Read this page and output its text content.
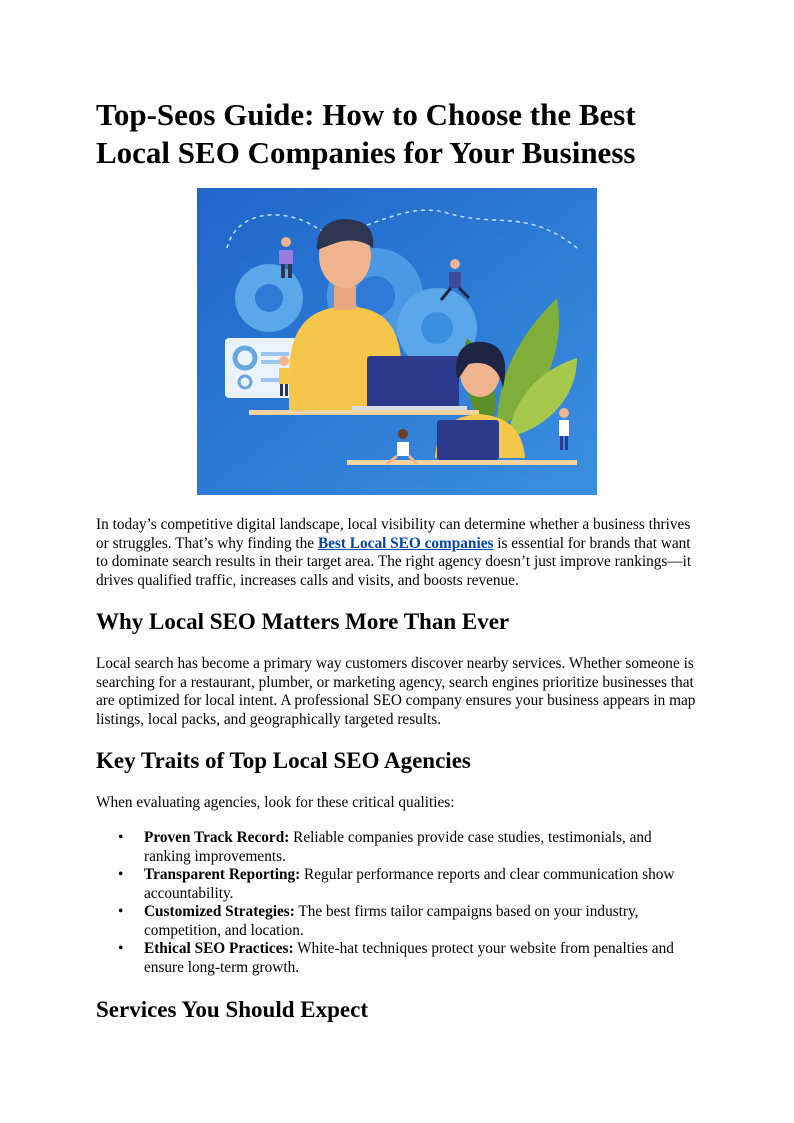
Top-Seos Guide: How to Choose the Best Local SEO Companies for Your Business

In today’s competitive digital landscape, local visibility can determine whether a business thrives or struggles. That’s why finding the Best Local SEO companies is essential for brands that want to dominate search results in their target area. The right agency doesn’t just improve rankings—it drives qualified traffic, increases calls and visits, and boosts revenue.

Why Local SEO Matters More Than Ever

Local search has become a primary way customers discover nearby services. Whether someone is searching for a restaurant, plumber, or marketing agency, search engines prioritize businesses that are optimized for local intent. A professional SEO company ensures your business appears in map listings, local packs, and geographically targeted results.

Key Traits of Top Local SEO Agencies

When evaluating agencies, look for these critical qualities:

• Proven Track Record: Reliable companies provide case studies, testimonials, and ranking improvements.
• Transparent Reporting: Regular performance reports and clear communication show accountability.
• Customized Strategies: The best firms tailor campaigns based on your industry, competition, and location.
• Ethical SEO Practices: White-hat techniques protect your website from penalties and ensure long-term growth.
Services You Should Expect
